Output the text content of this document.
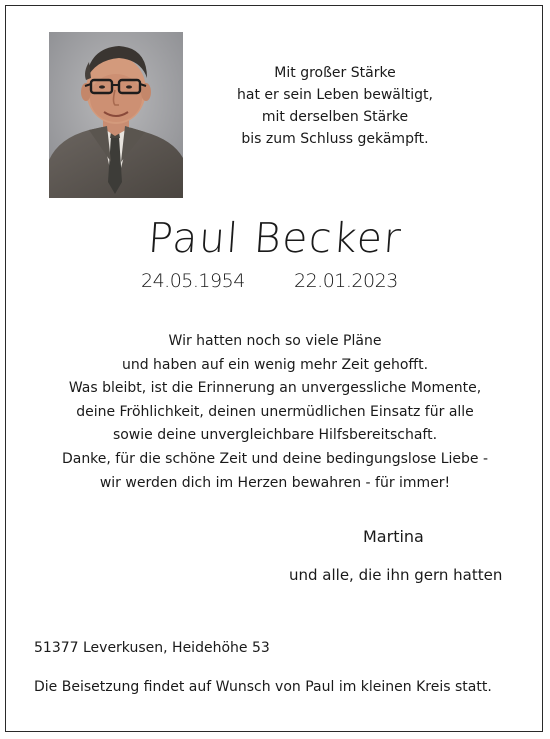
Mit großer Stärke
hat er sein Leben bewältigt,
mit derselben Stärke
bis zum Schluss gekämpft.
Paul Becker
24.05.1954	22.01.2023
Wir hatten noch so viele Pläne
und haben auf ein wenig mehr Zeit gehofft.
Was bleibt, ist die Erinnerung an unvergessliche Momente,
deine Fröhlichkeit, deinen unermüdlichen Einsatz für alle
sowie deine unvergleichbare Hilfsbereitschaft.
Danke, für die schöne Zeit und deine bedingungslose Liebe -
wir werden dich im Herzen bewahren - für immer!
Martina
und alle, die ihn gern hatten
51377 Leverkusen, Heidehöhe 53
Die Beisetzung findet auf Wunsch von Paul im kleinen Kreis statt.
